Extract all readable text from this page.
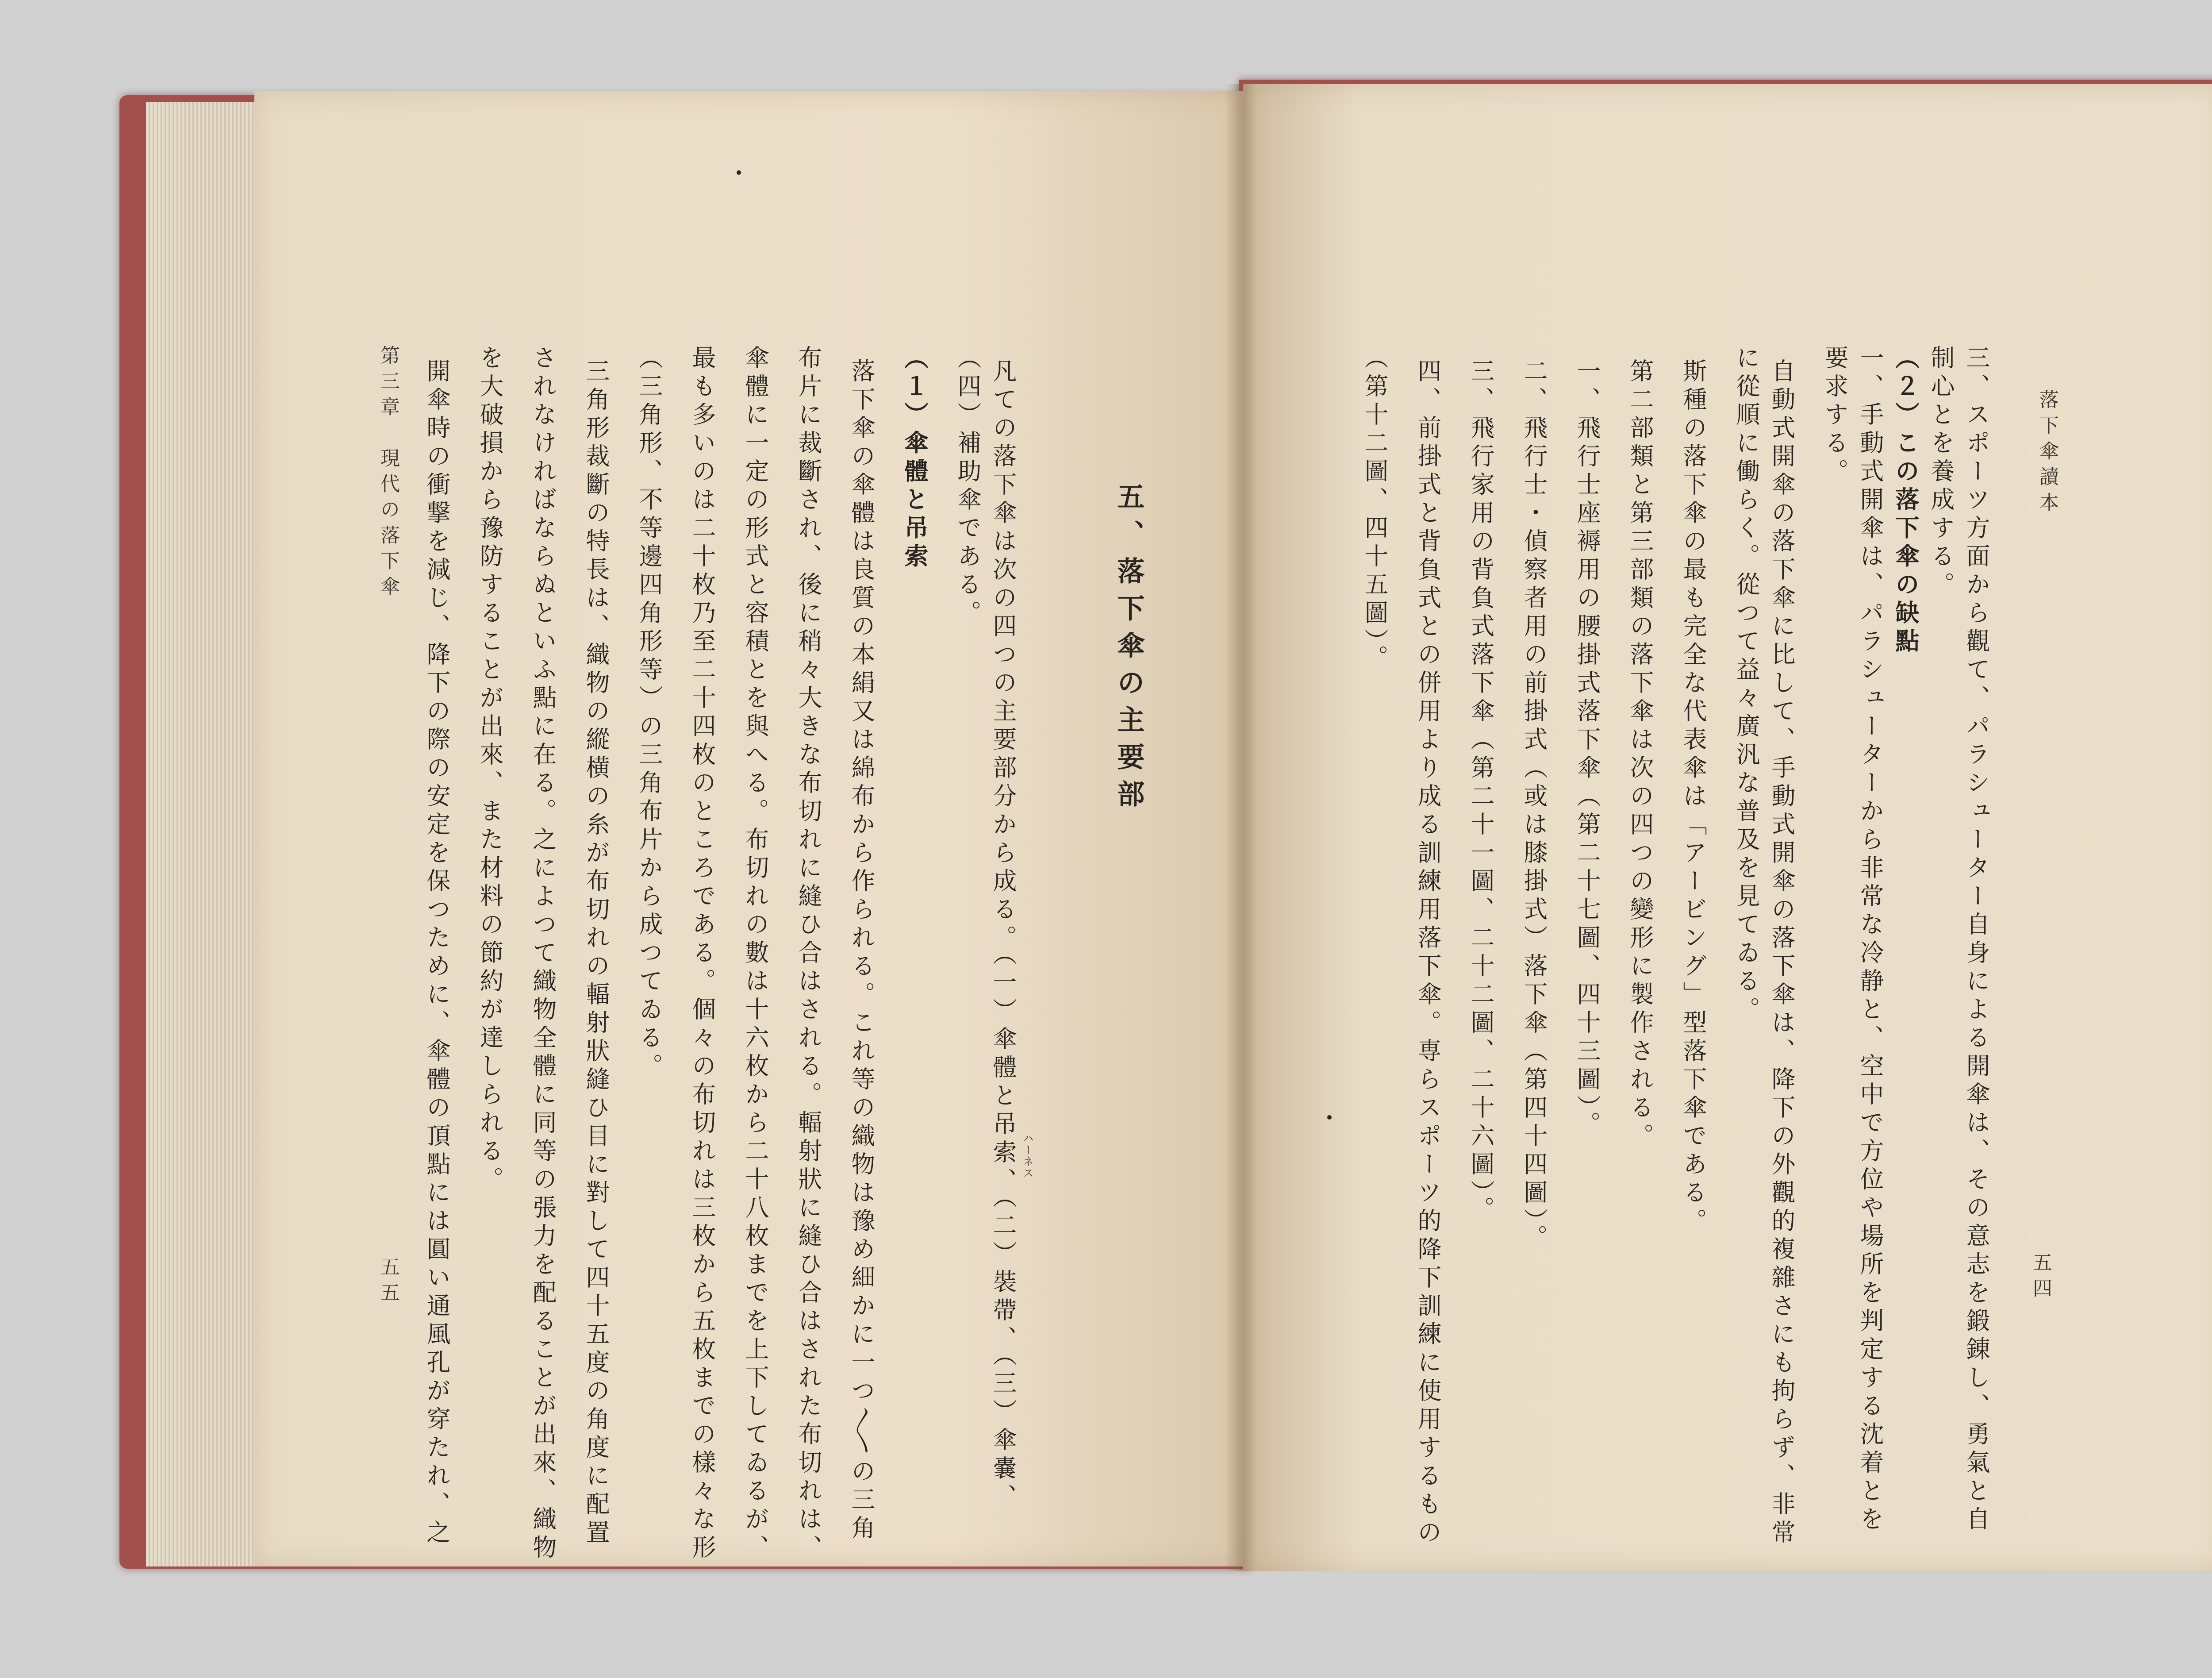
落下傘讀本
五四
三、スポーツ方面から觀て、パラシューター自身による開傘は、その意志を鍛錬し、勇氣と自
制心とを養成する。
（２）この落下傘の缺點
一、手動式開傘は、パラシューターから非常な冷静と、空中で方位や場所を判定する沈着とを
要求する。
自動式開傘の落下傘に比して、手動式開傘の落下傘は、降下の外觀的複雜さにも拘らず、非常
に從順に働らく。從つて益々廣汎な普及を見てゐる。
斯種の落下傘の最も完全な代表傘は「アービング」型落下傘である。
第二部類と第三部類の落下傘は次の四つの變形に製作される。
一、飛行士座褥用の腰掛式落下傘（第二十七圖、四十三圖）。
二、飛行士・偵察者用の前掛式（或は膝掛式）落下傘（第四十四圖）。
三、飛行家用の背負式落下傘（第二十一圖、二十二圖、二十六圖）。
四、前掛式と背負式との併用より成る訓練用落下傘。専らスポーツ的降下訓練に使用するもの
（第十二圖、四十五圖）。
五、落下傘の主要部
凡ての落下傘は次の四つの主要部分から成る。（一）傘體と吊索、（二）裝帶、（三）傘嚢、 ハーネス
（四）補助傘である。
（１）傘體と吊索
落下傘の傘體は良質の本絹又は綿布から作られる。これ等の織物は豫め細かに一つ〳〵の三角
布片に裁斷され、後に稍々大きな布切れに縫ひ合はされる。輻射狀に縫ひ合はされた布切れは、
傘體に一定の形式と容積とを與へる。布切れの數は十六枚から二十八枚までを上下してゐるが、
最も多いのは二十枚乃至二十四枚のところである。個々の布切れは三枚から五枚までの樣々な形
（三角形、不等邊四角形等）の三角布片から成つてゐる。
三角形裁斷の特長は、織物の縱横の糸が布切れの輻射狀縫ひ目に對して四十五度の角度に配置
されなければならぬといふ點に在る。之によつて織物全體に同等の張力を配ることが出來、織物
を大破損から豫防することが出來、また材料の節約が達しられる。
開傘時の衝撃を減じ、降下の際の安定を保つために、傘體の頂點には圓い通風孔が穿たれ、之
第三章　現代の落下傘
五五
